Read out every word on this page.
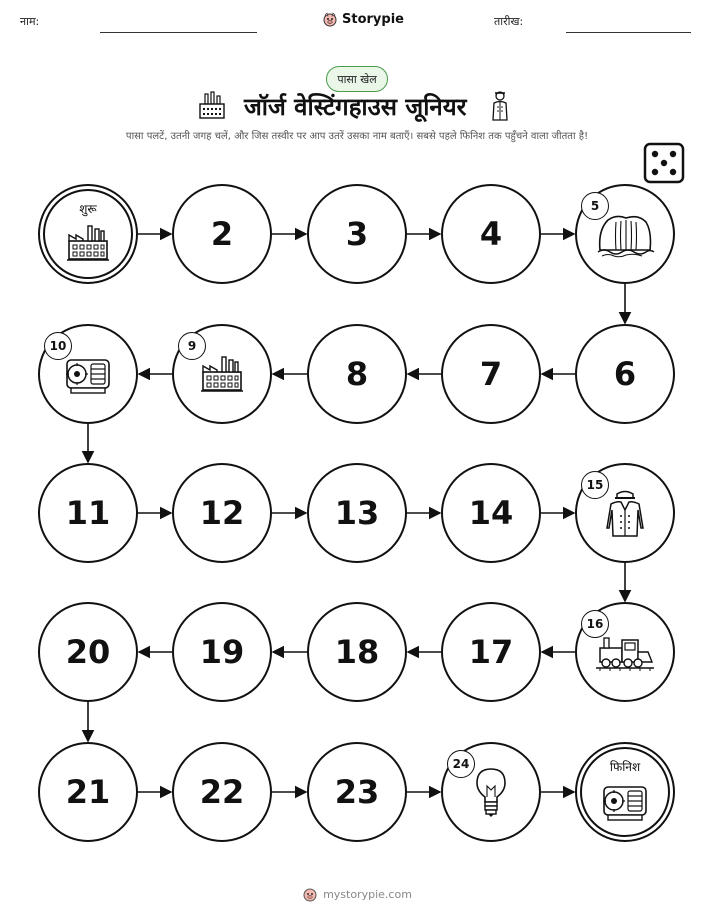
नाम:	Storypie	तारीख:
पासा खेल
जॉर्ज वेस्टिंगहाउस जूनियर
पासा पलटें, उतनी जगह चलें, और जिस तस्वीर पर आप उतरें उसका नाम बताएँ। सबसे पहले फिनिश तक पहुँचने वाला जीतता है!
शुरू
2	3	4
5
6
7
8
9
10
11	12	13	14
15
16
17
18
19
20
21	22	23
24	फिनिश
mystorypie.com
